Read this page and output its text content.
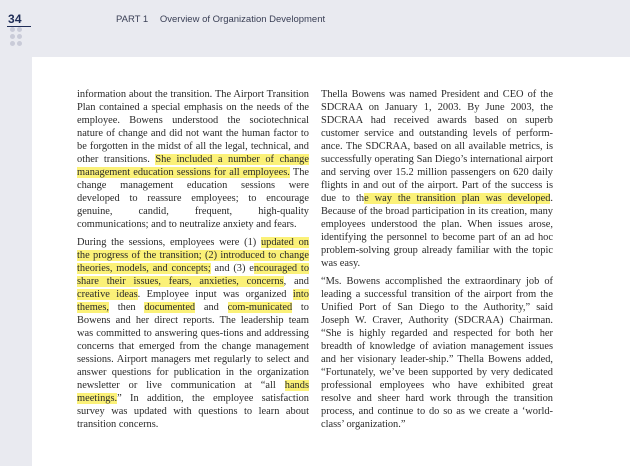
34	PART 1 Overview of Organization Development

information about the transition. The Airport Transition Plan contained a special emphasis on the needs of the employee. Bowens understood the sociotechnical nature of change and did not want the human factor to be forgotten in the midst of all the legal, technical, and other transitions. She included a number of change management education sessions for all employees. The change management education sessions were developed to reassure employees; to encourage genuine, candid, frequent, high-quality communications; and to neutralize anxiety and fears.

During the sessions, employees were (1) updated on the progress of the transition; (2) introduced to change theories, models, and concepts; and (3) encouraged to share their issues, fears, anxieties, concerns, and creative ideas. Employee input was organized into themes, then documented and com-municated to Bowens and her direct reports. The leadership team was committed to answering ques-tions and addressing concerns that emerged from the change management sessions. Airport managers met regularly to select and answer questions for publication in the organization newsletter or live communication at “all hands meetings.” In addition, the employee satisfaction survey was updated with questions to learn about transition concerns.

Thella Bowens was named President and CEO of the SDCRAA on January 1, 2003. By June 2003, the SDCRAA had received awards based on superb customer service and outstanding levels of perform-ance. The SDCRAA, based on all available metrics, is successfully operating San Diego’s international airport and serving over 15.2 million passengers on 620 daily flights in and out of the airport. Part of the success is due to the way the transition plan was developed. Because of the broad participation in its creation, many employees understood the plan. When issues arose, identifying the personnel to become part of an ad hoc problem-solving group already familiar with the topic was easy.

“Ms. Bowens accomplished the extraordinary job of leading a successful transition of the airport from the Unified Port of San Diego to the Authority,” said Joseph W. Craver, Authority (SDCRAA) Chairman. “She is highly regarded and respected for both her breadth of knowledge of aviation management issues and her visionary leader-ship.” Thella Bowens added, “Fortunately, we’ve been supported by very dedicated professional employees who have exhibited great resolve and sheer hard work through the transition process, and continue to do so as we create a ‘world-class’ organization.”
